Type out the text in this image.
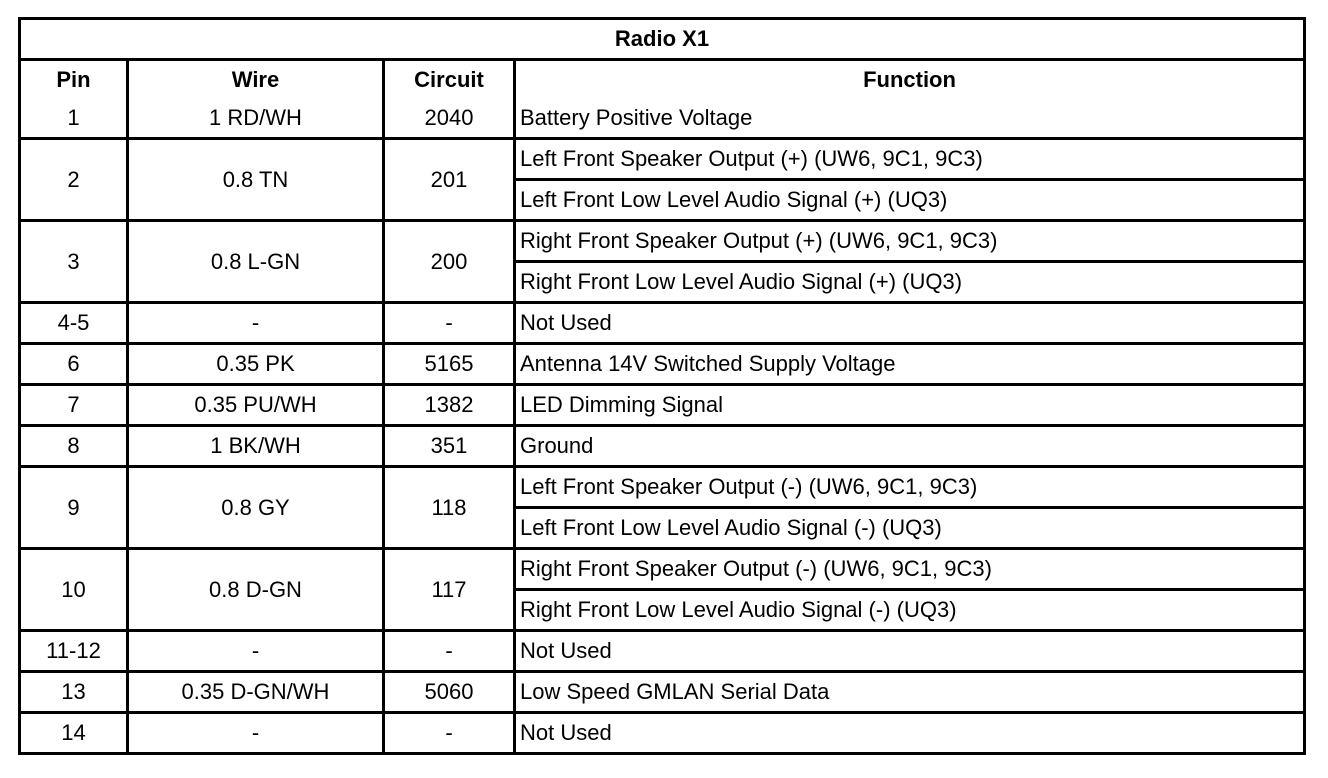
Radio X1			
Pin	Wire	Circuit	Function
1	1 RD/WH	2040	Battery Positive Voltage
2	0.8 TN	201	Left Front Speaker Output (+) (UW6, 9C1, 9C3)
			Left Front Low Level Audio Signal (+) (UQ3)
3	0.8 L-GN	200	Right Front Speaker Output (+) (UW6, 9C1, 9C3)
			Right Front Low Level Audio Signal (+) (UQ3)
4-5	-	-	Not Used
6	0.35 PK	5165	Antenna 14V Switched Supply Voltage
7	0.35 PU/WH	1382	LED Dimming Signal
8	1 BK/WH	351	Ground
9	0.8 GY	118	Left Front Speaker Output (-) (UW6, 9C1, 9C3)
			Left Front Low Level Audio Signal (-) (UQ3)
10	0.8 D-GN	117	Right Front Speaker Output (-) (UW6, 9C1, 9C3)
			Right Front Low Level Audio Signal (-) (UQ3)
11-12	-	-	Not Used
13	0.35 D-GN/WH	5060	Low Speed GMLAN Serial Data
14	-	-	Not Used
